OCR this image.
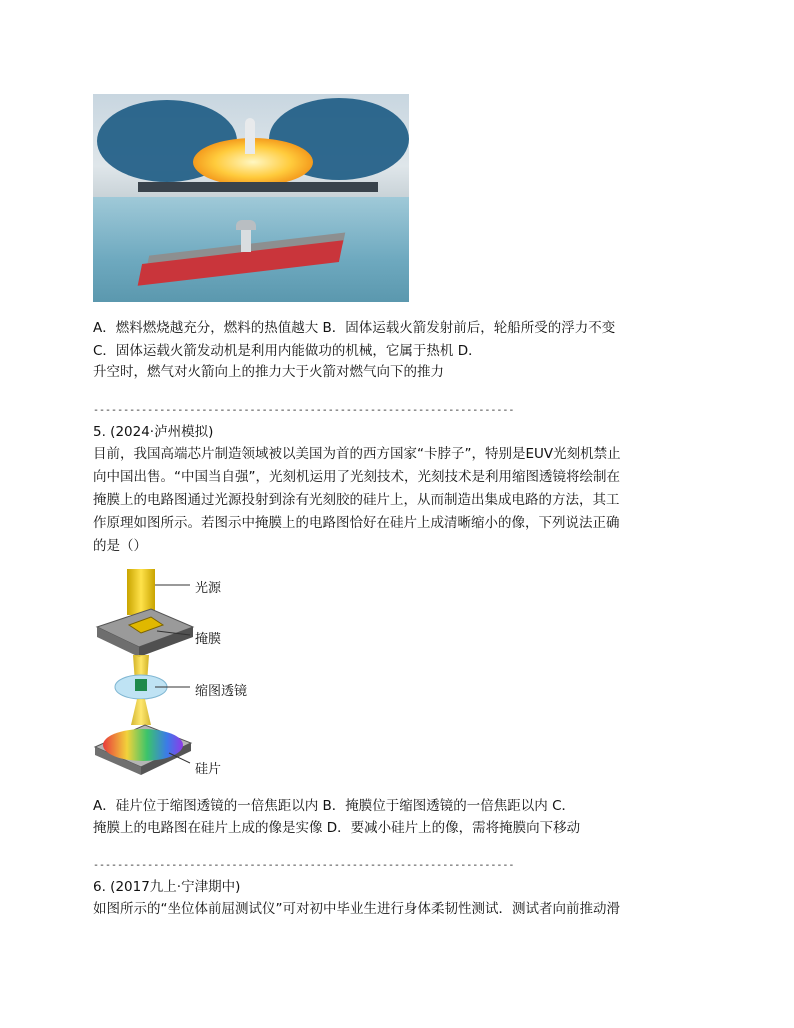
A．燃料燃烧越充分，燃料的热值越大 B．固体运载火箭发射前后，轮船所受的浮力不变
C．固体运载火箭发动机是利用内能做功的机械，它属于热机 D．
升空时，燃气对火箭向上的推力大于火箭对燃气向下的推力
----------------------------------------------------------------------
5. (2024·泸州模拟)
目前，我国高端芯片制造领域被以美国为首的西方国家“卡脖子”，特别是EUV光刻机禁止
向中国出售。“中国当自强”，光刻机运用了光刻技术，光刻技术是利用缩图透镜将绘制在
掩膜上的电路图通过光源投射到涂有光刻胶的硅片上，从而制造出集成电路的方法，其工
作原理如图所示。若图示中掩膜上的电路图恰好在硅片上成清晰缩小的像，下列说法正确
的是（）
光源
掩膜
缩图透镜
硅片
A．硅片位于缩图透镜的一倍焦距以内 B．掩膜位于缩图透镜的一倍焦距以内 C．
掩膜上的电路图在硅片上成的像是实像 D．要减小硅片上的像，需将掩膜向下移动
----------------------------------------------------------------------
6. (2017九上·宁津期中)
如图所示的“坐位体前屈测试仪”可对初中毕业生进行身体柔韧性测试．测试者向前推动滑
